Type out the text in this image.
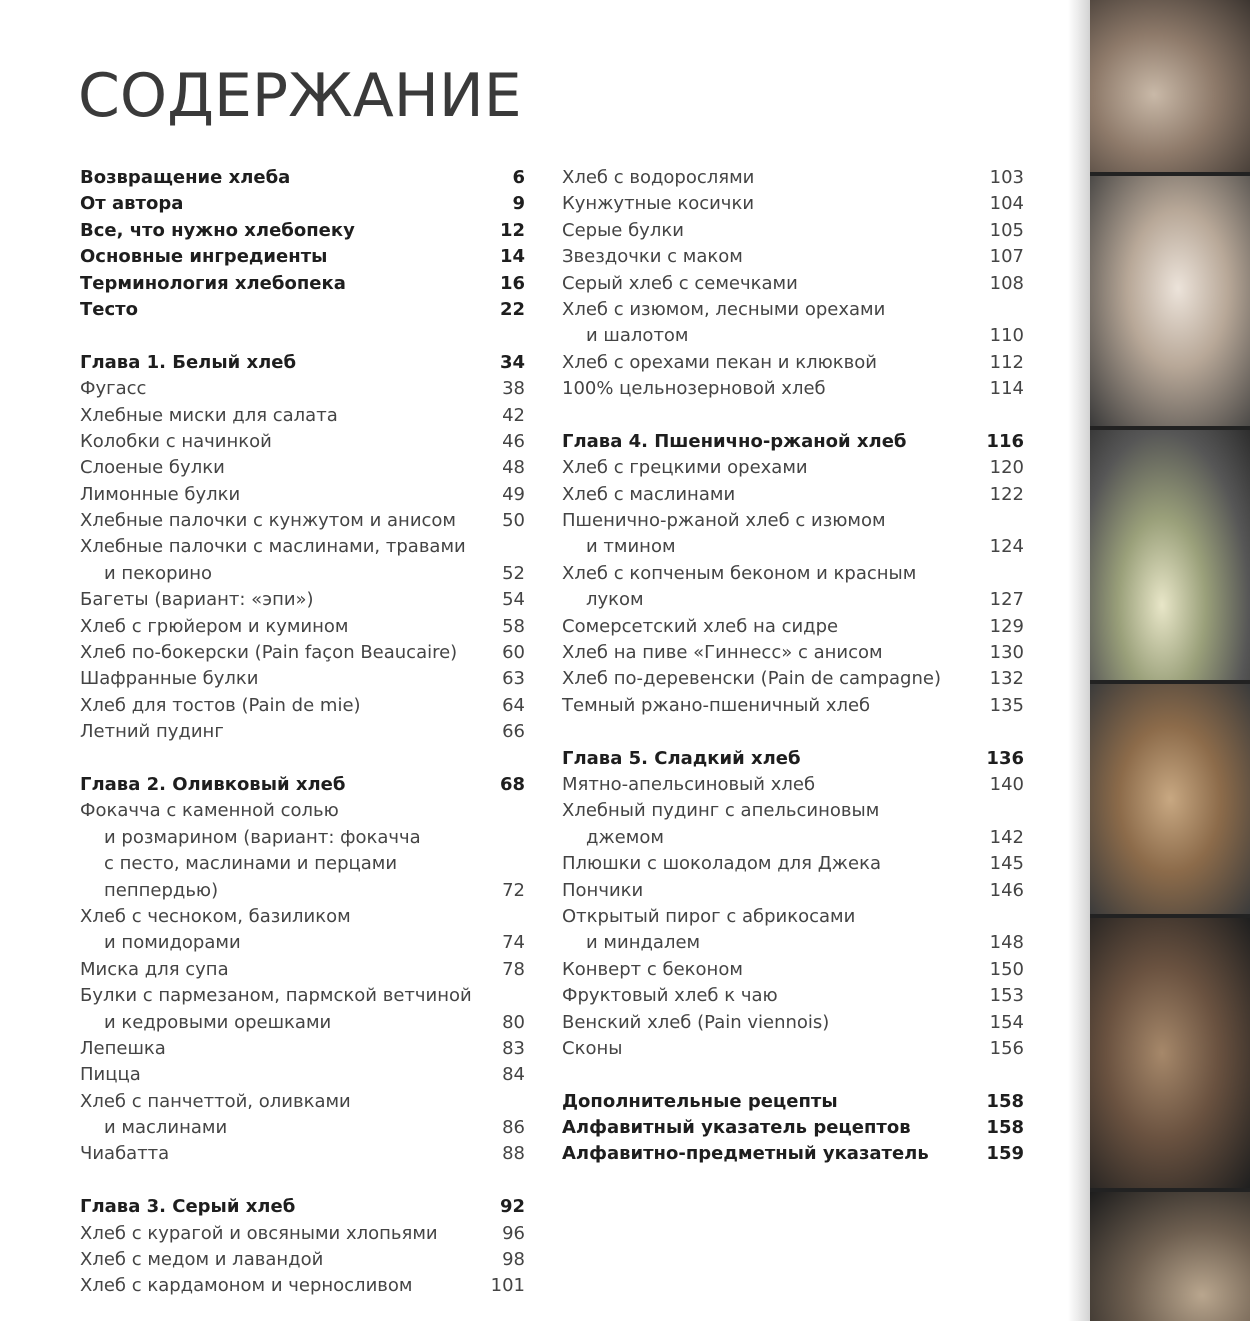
СОДЕРЖАНИЕ
Возвращение хлеба	6
От автора	9
Все, что нужно хлебопеку	12
Основные ингредиенты	14
Терминология хлебопека	16
Тесто	22
Глава 1. Белый хлеб	34
Фугасс	38
Хлебные миски для салата	42
Колобки с начинкой	46
Слоеные булки	48
Лимонные булки	49
Хлебные палочки с кунжутом и анисом	50
Хлебные палочки с маслинами, травами
и пекорино	52
Багеты (вариант: «эпи»)	54
Хлеб с грюйером и кумином	58
Хлеб по-бокерски (Pain façon Beaucaire)	60
Шафранные булки	63
Хлеб для тостов (Pain de mie)	64
Летний пудинг	66
Глава 2. Оливковый хлеб	68
Фокачча с каменной солью
и розмарином (вариант: фокачча
с песто, маслинами и перцами
пеппердью)	72
Хлеб с чесноком, базиликом
и помидорами	74
Миска для супа	78
Булки с пармезаном, пармской ветчиной
и кедровыми орешками	80
Лепешка	83
Пицца	84
Хлеб с панчеттой, оливками
и маслинами	86
Чиабатта	88
Глава 3. Серый хлеб	92
Хлеб с курагой и овсяными хлопьями	96
Хлеб с медом и лавандой	98
Хлеб с кардамоном и черносливом	101
Хлеб с водорослями	103
Кунжутные косички	104
Серые булки	105
Звездочки с маком	107
Серый хлеб с семечками	108
Хлеб с изюмом, лесными орехами
и шалотом	110
Хлеб с орехами пекан и клюквой	112
100% цельнозерновой хлеб	114
Глава 4. Пшенично-ржаной хлеб	116
Хлеб с грецкими орехами	120
Хлеб с маслинами	122
Пшенично-ржаной хлеб с изюмом
и тмином	124
Хлеб с копченым беконом и красным
луком	127
Сомерсетский хлеб на сидре	129
Хлеб на пиве «Гиннесс» с анисом	130
Хлеб по-деревенски (Pain de campagne)	132
Темный ржано-пшеничный хлеб	135
Глава 5. Сладкий хлеб	136
Мятно-апельсиновый хлеб	140
Хлебный пудинг с апельсиновым
джемом	142
Плюшки с шоколадом для Джека	145
Пончики	146
Открытый пирог с абрикосами
и миндалем	148
Конверт с беконом	150
Фруктовый хлеб к чаю	153
Венский хлеб (Pain viennois)	154
Сконы	156
Дополнительные рецепты	158
Алфавитный указатель рецептов	158
Алфавитно-предметный указатель	159
